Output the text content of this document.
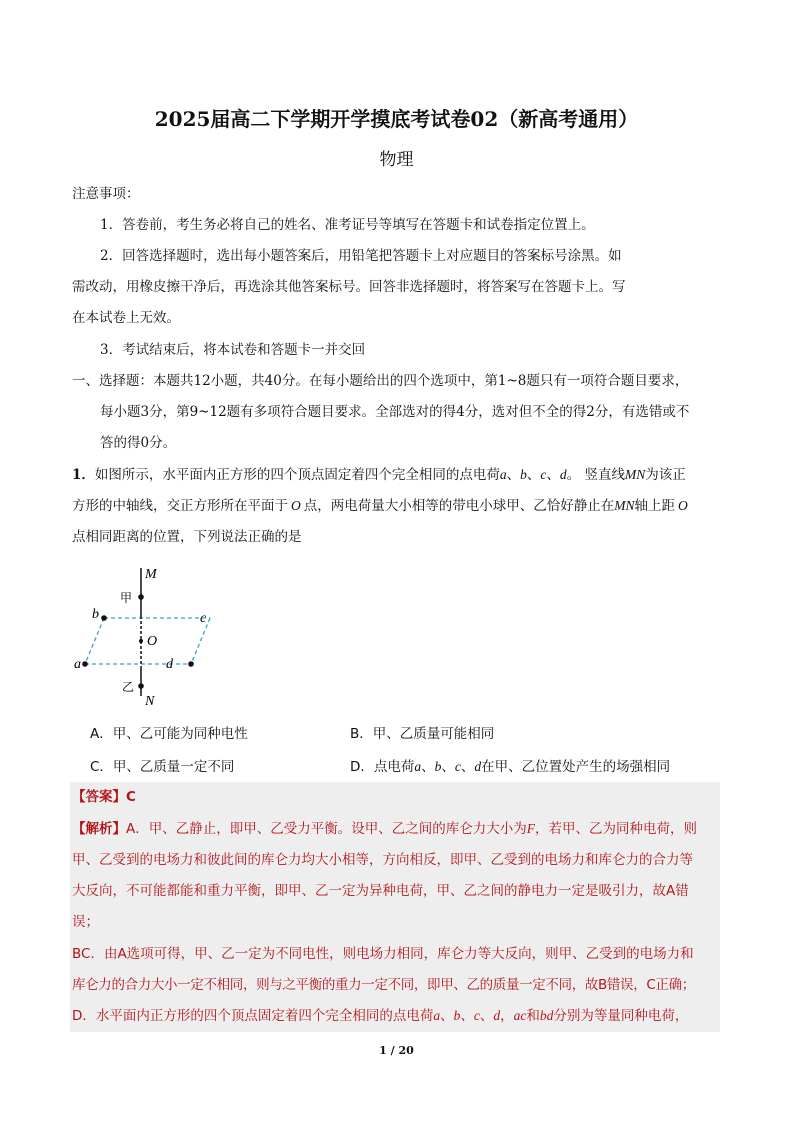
2025届高二下学期开学摸底考试卷02（新高考通用）
物理
注意事项：
1．答卷前，考生务必将自己的姓名、准考证号等填写在答题卡和试卷指定位置上。
2．回答选择题时，选出每小题答案后，用铅笔把答题卡上对应题目的答案标号涂黑。如
需改动，用橡皮擦干净后，再选涂其他答案标号。回答非选择题时，将答案写在答题卡上。写
在本试卷上无效。
3．考试结束后，将本试卷和答题卡一并交回
一、选择题：本题共12小题，共40分。在每小题给出的四个选项中，第1~8题只有一项符合题目要求，
每小题3分，第9~12题有多项符合题目要求。全部选对的得4分，选对但不全的得2分，有选错或不
答的得0分。
1．如图所示，水平面内正方形的四个顶点固定着四个完全相同的点电荷a、b、c、d。 竖直线MN为该正
方形的中轴线，交正方形所在平面于 O 点，两电荷量大小相等的带电小球甲、乙恰好静止在MN轴上距 O
点相同距离的位置，下列说法正确的是
M
N
O
a
b	c
d
甲
乙
A．甲、乙可能为同种电性	B．甲、乙质量可能相同
C．甲、乙质量一定不同	D．点电荷a、b、c、d在甲、乙位置处产生的场强相同
【答案】C
【解析】A．甲、乙静止，即甲、乙受力平衡。设甲、乙之间的库仑力大小为F，若甲、乙为同种电荷，则
甲、乙受到的电场力和彼此间的库仑力均大小相等，方向相反，即甲、乙受到的电场力和库仑力的合力等
大反向，不可能都能和重力平衡，即甲、乙一定为异种电荷，甲、乙之间的静电力一定是吸引力，故A错
误；
BC．由A选项可得，甲、乙一定为不同电性，则电场力相同，库仑力等大反向，则甲、乙受到的电场力和
库仑力的合力大小一定不相同，则与之平衡的重力一定不同，即甲、乙的质量一定不同，故B错误，C正确；
D．水平面内正方形的四个顶点固定着四个完全相同的点电荷a、b、c、d，ac和bd分别为等量同种电荷，
1 / 20
